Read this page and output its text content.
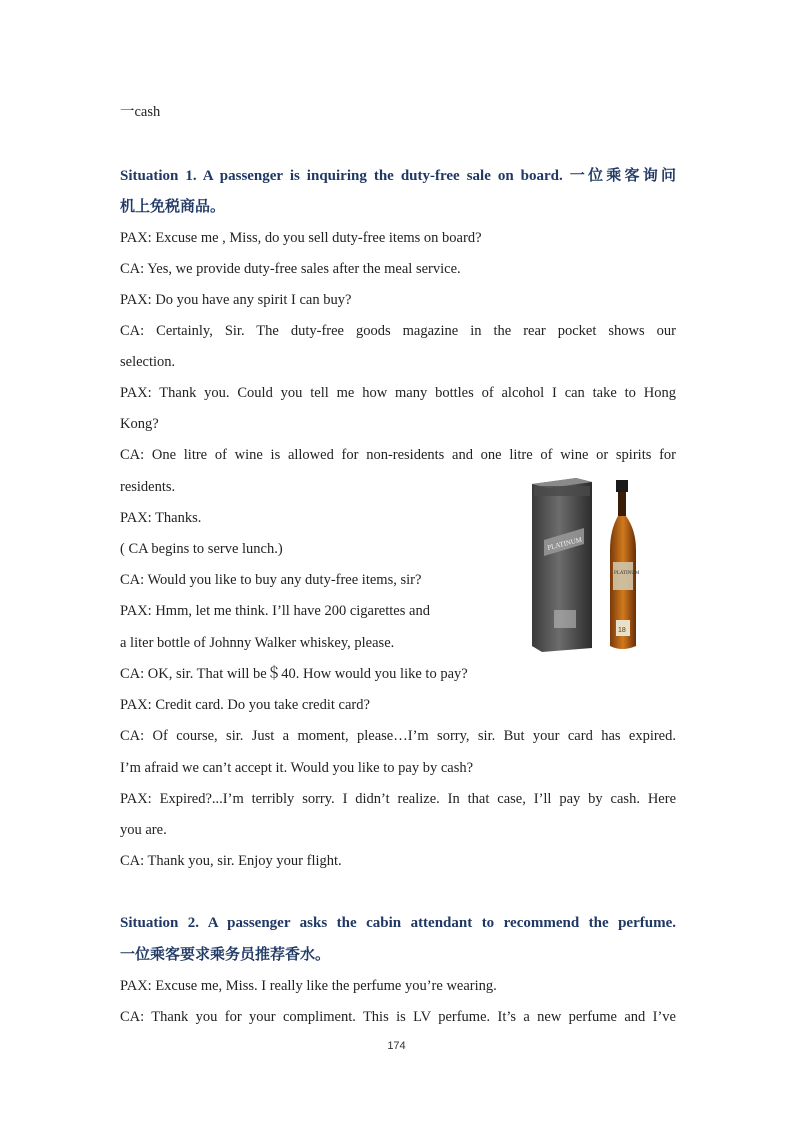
一cash
Situation 1. A passenger is inquiring the duty-free sale on board. 一位乘客询问
机上免税商品。
PAX: Excuse me , Miss, do you sell duty-free items on board?
CA: Yes, we provide duty-free sales after the meal service.
PAX: Do you have any spirit I can buy?
CA: Certainly, Sir. The duty-free goods magazine in the rear pocket shows our
selection.
PAX: Thank you. Could you tell me how many bottles of alcohol I can take to Hong
Kong?
CA: One litre of wine is allowed for non-residents and one litre of wine or spirits for
residents.
PAX: Thanks.
( CA begins to serve lunch.)
CA: Would you like to buy any duty-free items, sir?
PAX: Hmm, let me think. I’ll have 200 cigarettes and
a liter bottle of Johnny Walker whiskey, please.
CA: OK, sir. That will be＄40. How would you like to pay?
PAX: Credit card. Do you take credit card?
CA: Of course, sir. Just a moment, please…I’m sorry, sir. But your card has expired.
I’m afraid we can’t accept it. Would you like to pay by cash?
PAX: Expired?...I’m terribly sorry. I didn’t realize. In that case, I’ll pay by cash. Here
you are.
CA: Thank you, sir. Enjoy your flight.
Situation 2. A passenger asks the cabin attendant to recommend the perfume.
一位乘客要求乘务员推荐香水。
PAX: Excuse me, Miss. I really like the perfume you’re wearing.
CA: Thank you for your compliment. This is LV perfume. It’s a new perfume and I’ve
PLATINUM
PLATINUM
18
174
